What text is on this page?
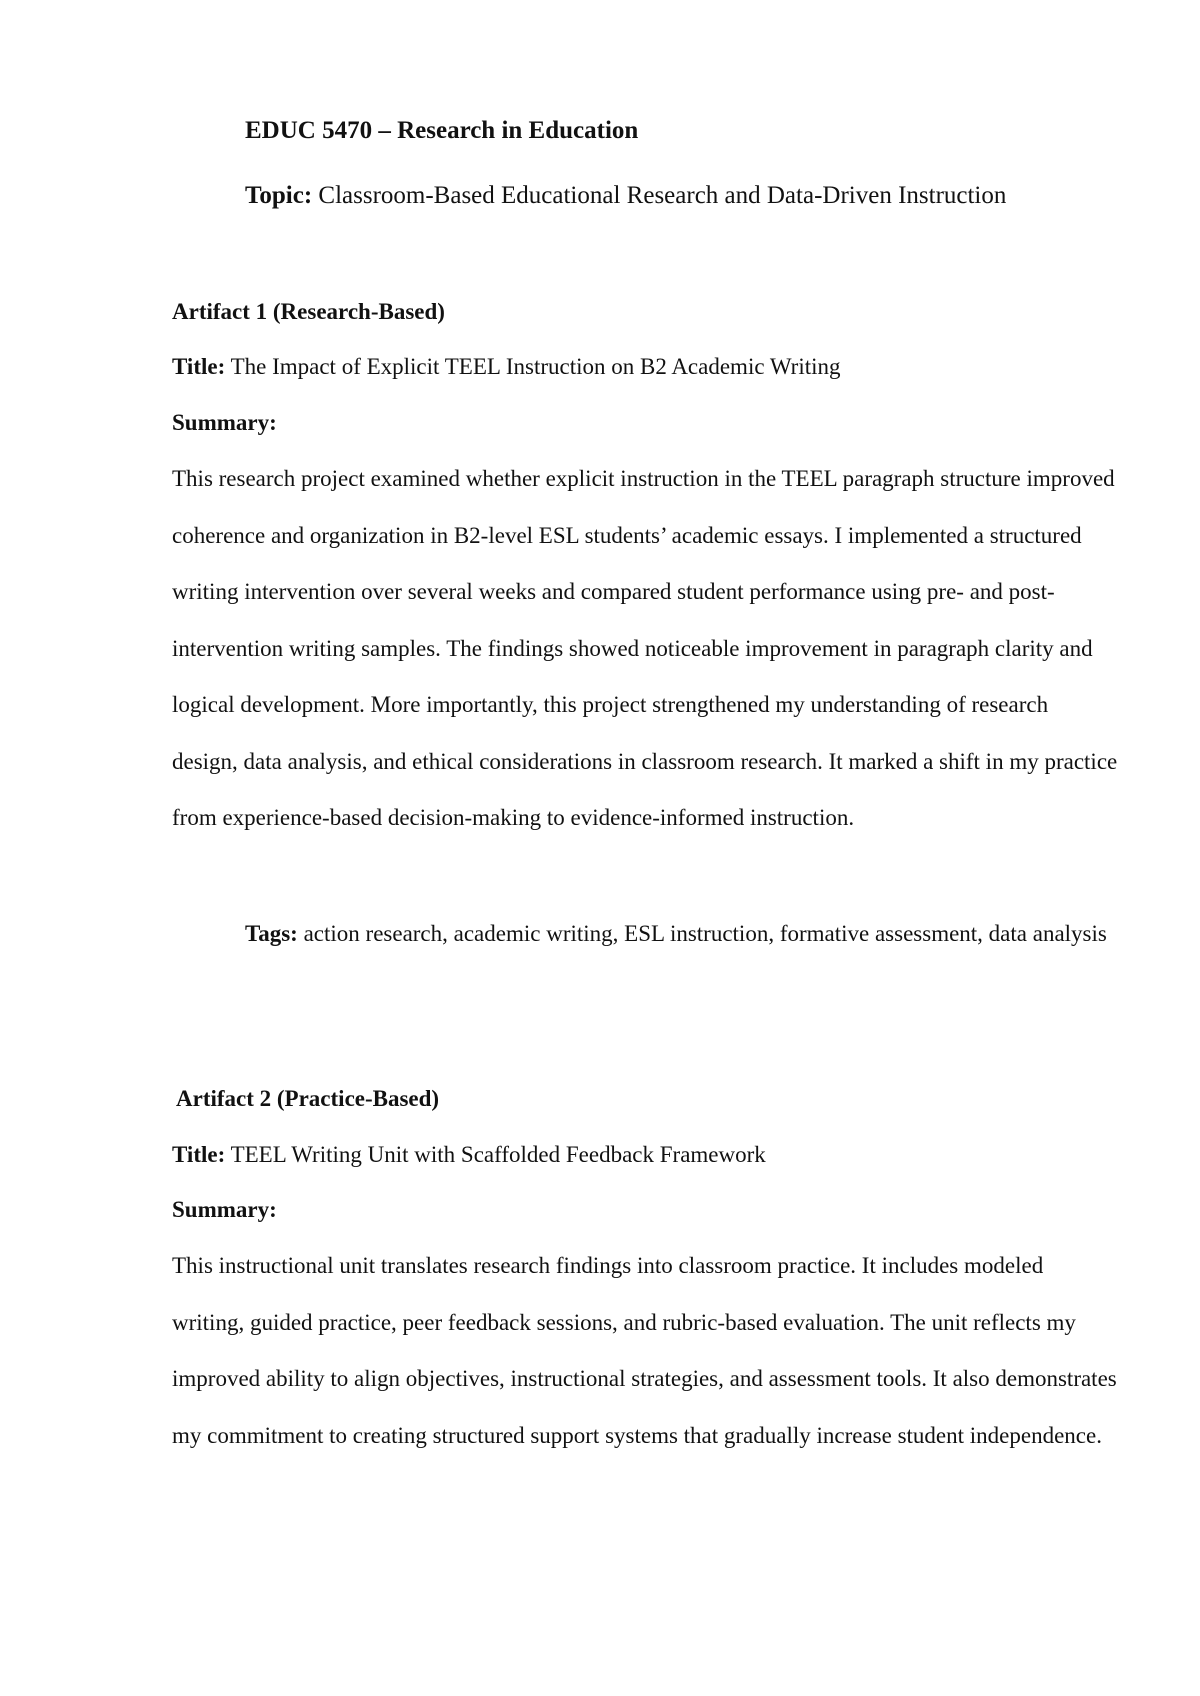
EDUC 5470 – Research in Education
Topic: Classroom-Based Educational Research and Data-Driven Instruction
Artifact 1 (Research-Based)
Title: The Impact of Explicit TEEL Instruction on B2 Academic Writing
Summary:
This research project examined whether explicit instruction in the TEEL paragraph structure improved coherence and organization in B2-level ESL students’ academic essays. I implemented a structured writing intervention over several weeks and compared student performance using pre- and post-intervention writing samples. The findings showed noticeable improvement in paragraph clarity and logical development. More importantly, this project strengthened my understanding of research design, data analysis, and ethical considerations in classroom research. It marked a shift in my practice from experience-based decision-making to evidence-informed instruction.
Tags: action research, academic writing, ESL instruction, formative assessment, data analysis
Artifact 2 (Practice-Based)
Title: TEEL Writing Unit with Scaffolded Feedback Framework
Summary:
This instructional unit translates research findings into classroom practice. It includes modeled writing, guided practice, peer feedback sessions, and rubric-based evaluation. The unit reflects my improved ability to align objectives, instructional strategies, and assessment tools. It also demonstrates my commitment to creating structured support systems that gradually increase student independence.
